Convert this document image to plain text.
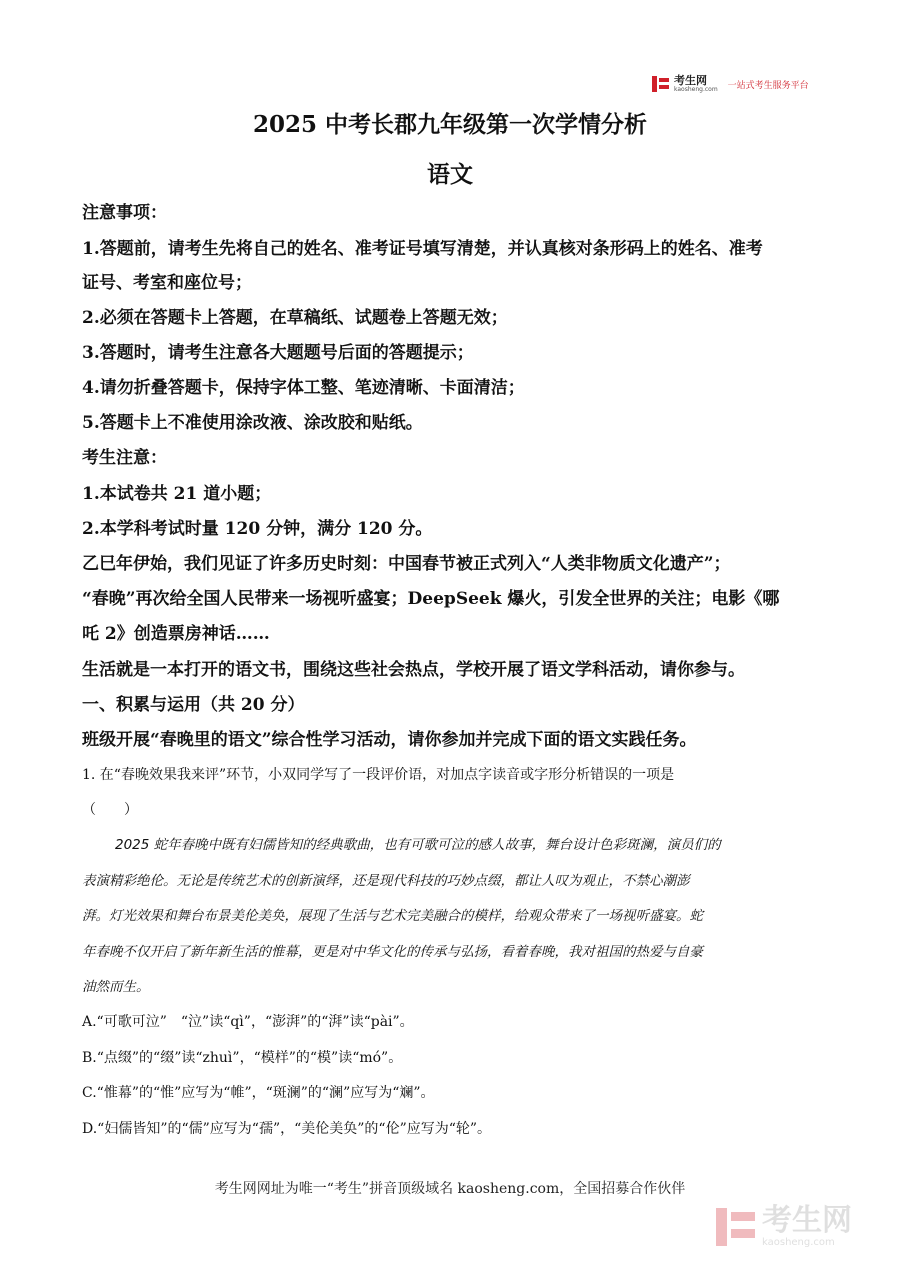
考生网
kaosheng.com 一站式考生服务平台
2025 中考长郡九年级第一次学情分析
语文

注意事项：

1.答题前，请考生先将自己的姓名、准考证号填写清楚，并认真核对条形码上的姓名、准考

证号、考室和座位号；

2.必须在答题卡上答题，在草稿纸、试题卷上答题无效；

3.答题时，请考生注意各大题题号后面的答题提示；

4.请勿折叠答题卡，保持字体工整、笔迹清晰、卡面清洁；

5.答题卡上不准使用涂改液、涂改胶和贴纸。

考生注意：

1.本试卷共 21 道小题；

2.本学科考试时量 120 分钟，满分 120 分。

乙巳年伊始，我们见证了许多历史时刻：中国春节被正式列入“人类非物质文化遗产”；

“春晚”再次给全国人民带来一场视听盛宴；DeepSeek 爆火，引发全世界的关注；电影《哪

吒 2》创造票房神话……

生活就是一本打开的语文书，围绕这些社会热点，学校开展了语文学科活动，请你参与。

一、积累与运用（共 20 分）

班级开展“春晚里的语文”综合性学习活动，请你参加并完成下面的语文实践任务。

1. 在“春晚效果我来评”环节，小双同学写了一段评价语，对加点字读音或字形分析错误的一项是

（　　）

2025 蛇年春晚中既有妇儒皆知的经典歌曲，也有可歌可泣的感人故事，舞台设计色彩斑澜，演员们的

表演精彩绝伦。无论是传统艺术的创新演绎，还是现代科技的巧妙点缀，都让人叹为观止，不禁心潮澎

湃。灯光效果和舞台布景美伦美奂，展现了生活与艺术完美融合的模样，给观众带来了一场视听盛宴。蛇

年春晚不仅开启了新年新生活的惟幕，更是对中华文化的传承与弘扬，看着春晚，我对祖国的热爱与自豪

油然而生。

A.“可歌可泣”　“泣”读“qì”，“澎湃”的“湃”读“pài”。

B.“点缀”的“缀”读“zhuì”，“模样”的“模”读“mó”。

C.“惟幕”的“惟”应写为“帷”，“斑澜”的“澜”应写为“斓”。

D.“妇儒皆知”的“儒”应写为“孺”，“美伦美奂”的“伦”应写为“轮”。

考生网网址为唯一“考生”拼音顶级域名 kaosheng.com，全国招募合作伙伴
考生网
kaosheng.com
